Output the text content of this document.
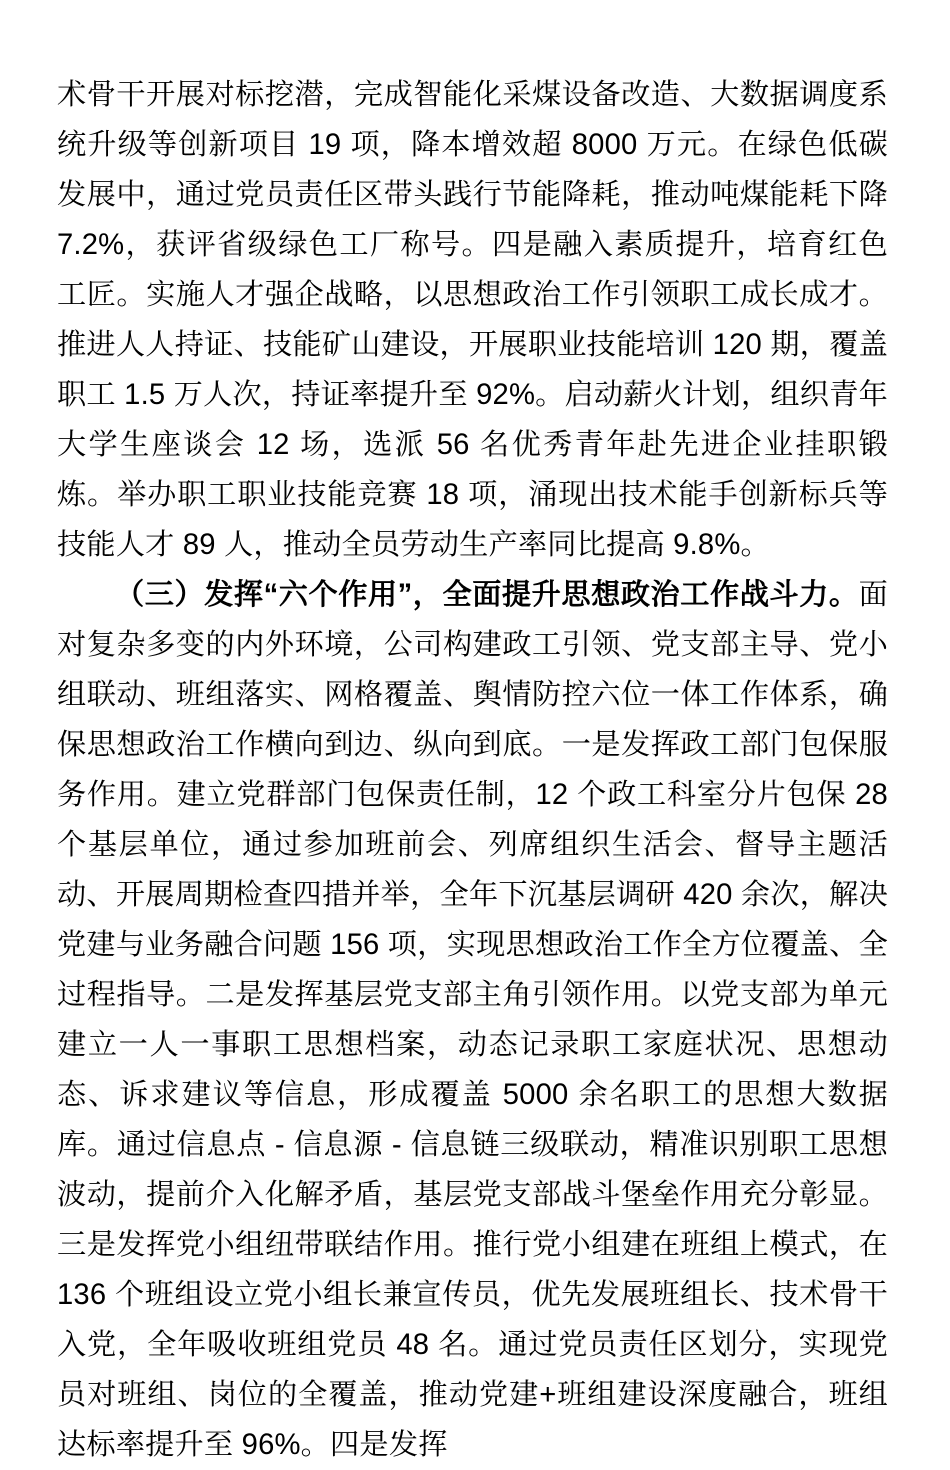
术骨干开展对标挖潜，完成智能化采煤设备改造、大数据调度系统升级等创新项目 19 项，降本增效超 8000 万元。在绿色低碳发展中，通过党员责任区带头践行节能降耗，推动吨煤能耗下降 7.2%，获评省级绿色工厂称号。四是融入素质提升，培育红色工匠。实施人才强企战略，以思想政治工作引领职工成长成才。推进人人持证、技能矿山建设，开展职业技能培训 120 期，覆盖职工 1.5 万人次，持证率提升至 92%。启动薪火计划，组织青年大学生座谈会 12 场，选派 56 名优秀青年赴先进企业挂职锻炼。举办职工职业技能竞赛 18 项，涌现出技术能手创新标兵等技能人才 89 人，推动全员劳动生产率同比提高 9.8%。

（三）发挥“六个作用”，全面提升思想政治工作战斗力。面对复杂多变的内外环境，公司构建政工引领、党支部主导、党小组联动、班组落实、网格覆盖、舆情防控六位一体工作体系，确保思想政治工作横向到边、纵向到底。一是发挥政工部门包保服务作用。建立党群部门包保责任制，12 个政工科室分片包保 28 个基层单位，通过参加班前会、列席组织生活会、督导主题活动、开展周期检查四措并举，全年下沉基层调研 420 余次，解决党建与业务融合问题 156 项，实现思想政治工作全方位覆盖、全过程指导。二是发挥基层党支部主角引领作用。以党支部为单元建立一人一事职工思想档案，动态记录职工家庭状况、思想动态、诉求建议等信息，形成覆盖 5000 余名职工的思想大数据库。通过信息点 - 信息源 - 信息链三级联动，精准识别职工思想波动，提前介入化解矛盾，基层党支部战斗堡垒作用充分彰显。三是发挥党小组纽带联结作用。推行党小组建在班组上模式，在 136 个班组设立党小组长兼宣传员，优先发展班组长、技术骨干入党，全年吸收班组党员 48 名。通过党员责任区划分，实现党员对班组、岗位的全覆盖，推动党建+班组建设深度融合，班组达标率提升至 96%。四是发挥
